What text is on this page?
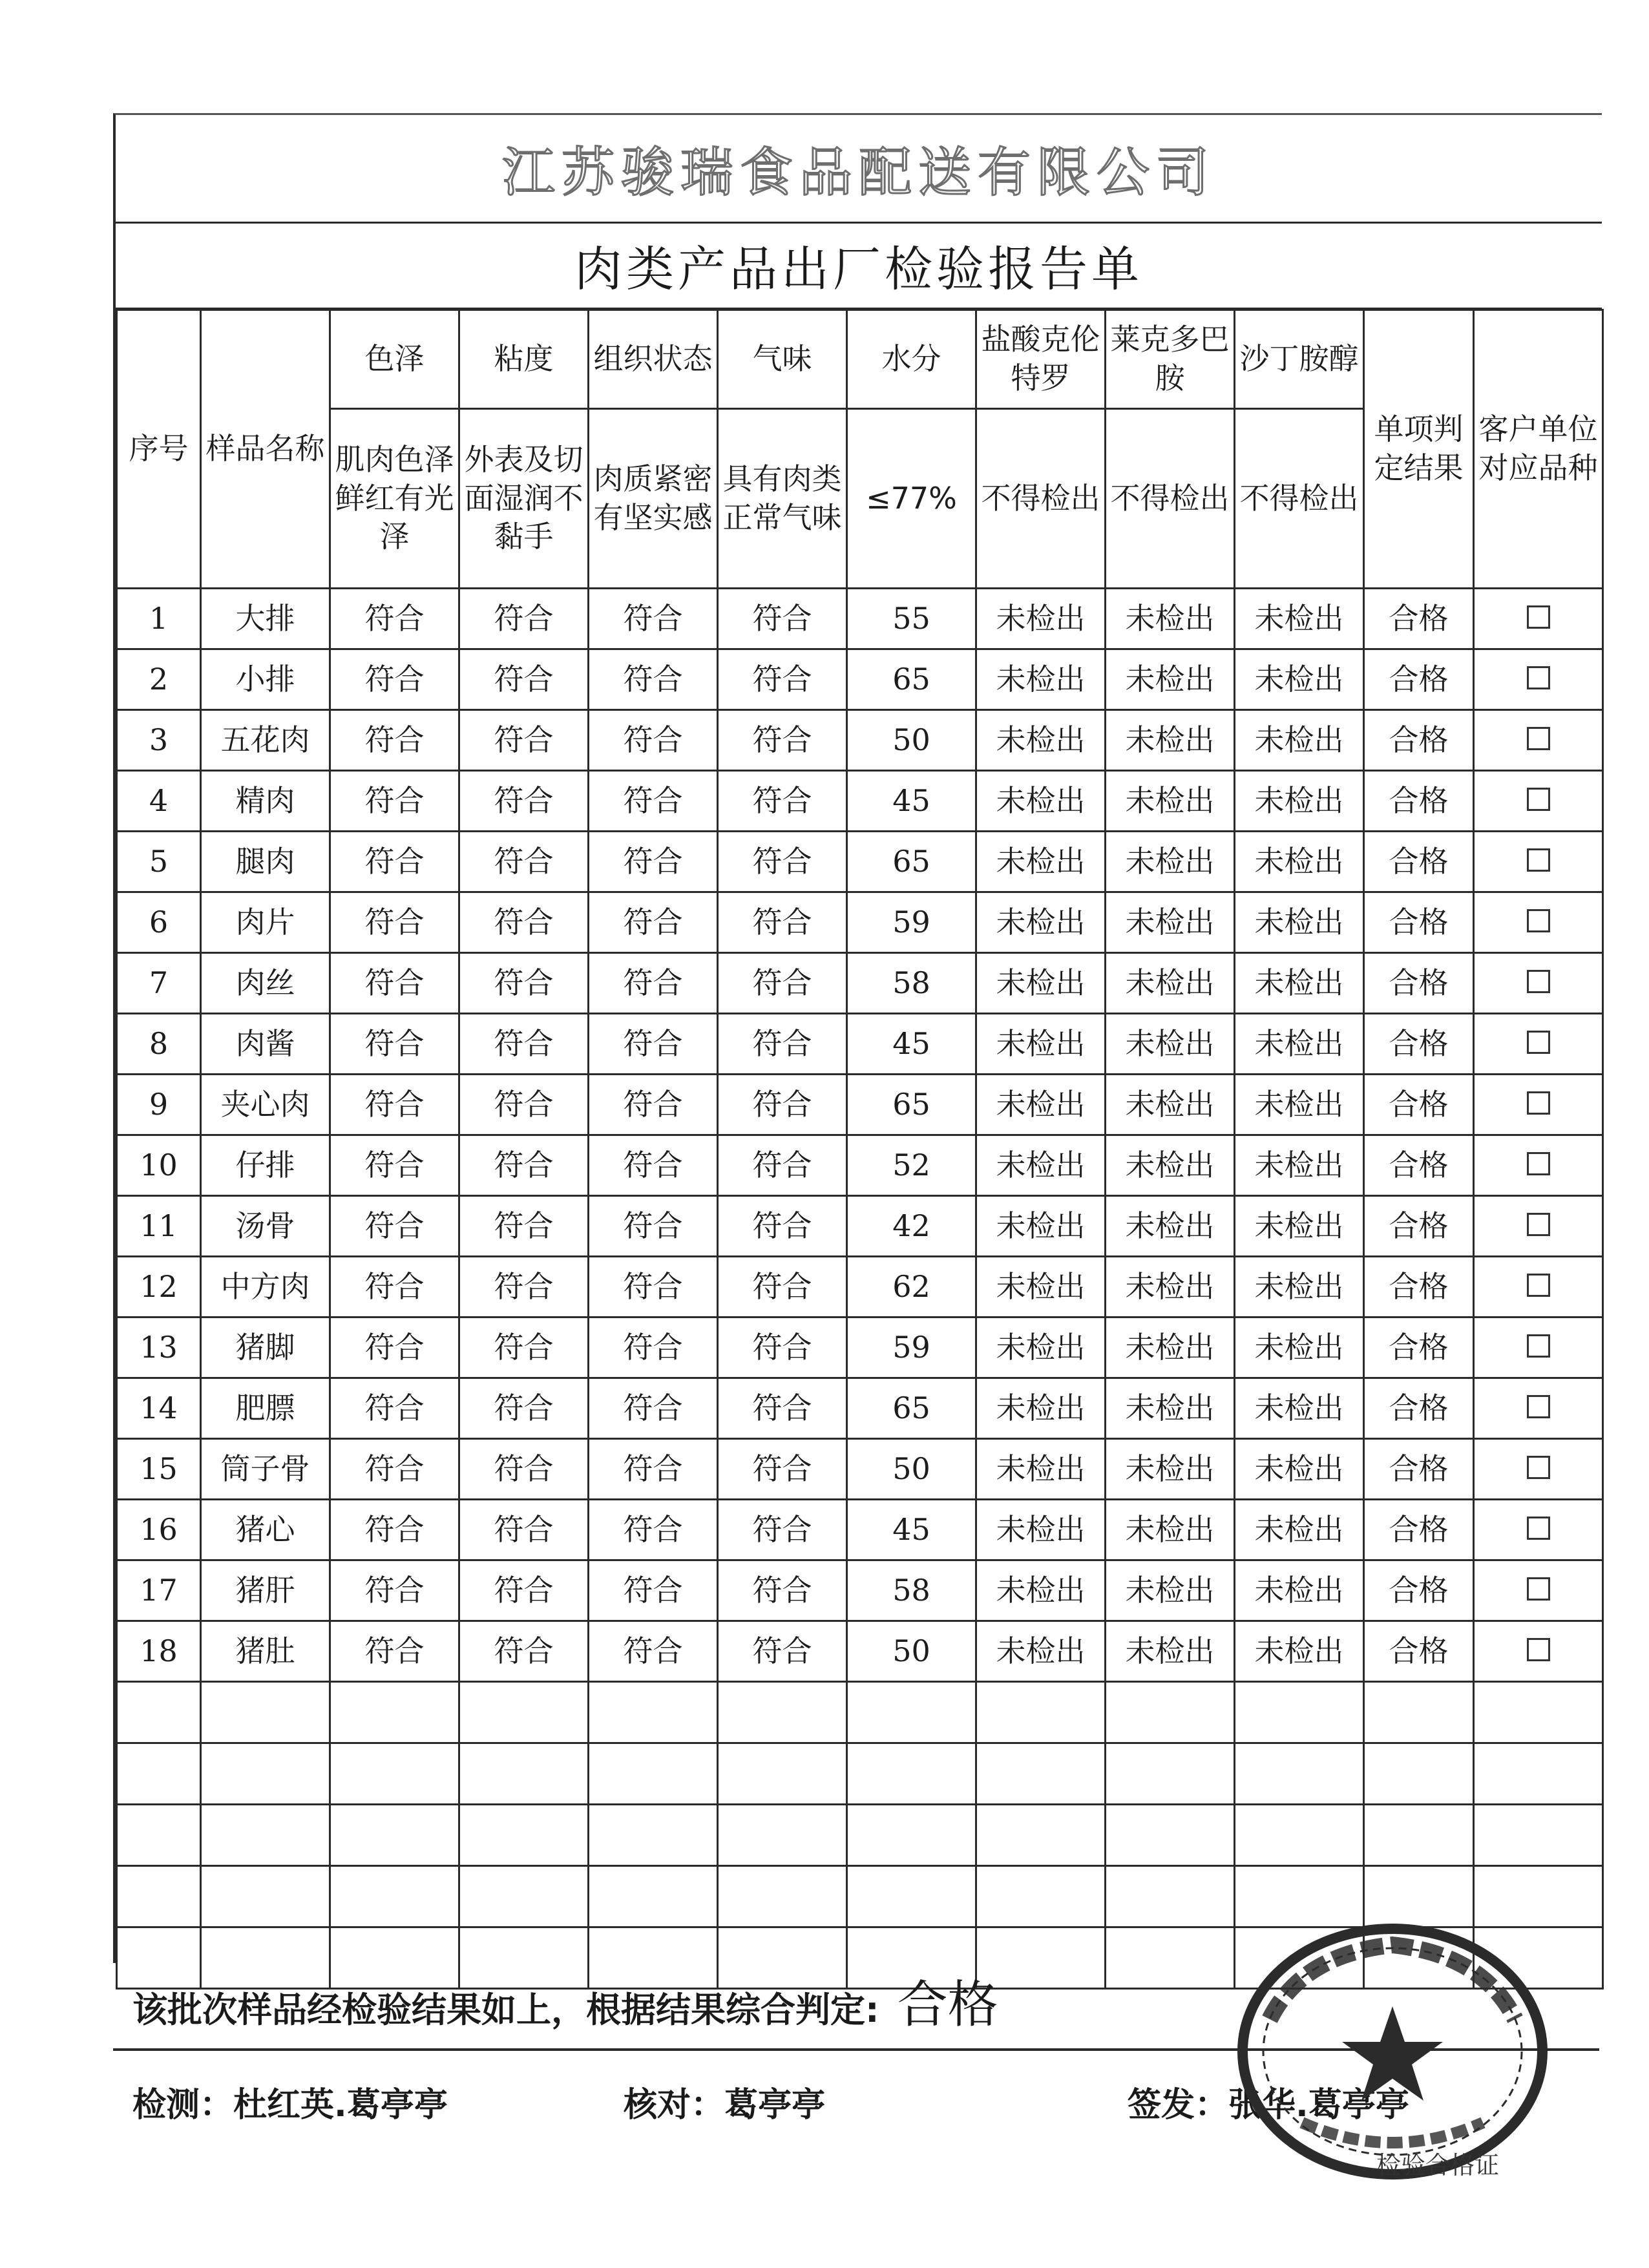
江苏骏瑞食品配送有限公司
肉类产品出厂检验报告单
序号	样品名称	色泽	粘度	组织状态	气味	水分	盐酸克伦特罗	莱克多巴胺	沙丁胺醇	单项判定结果	客户单位对应品种
		肌肉色泽鲜红有光泽	外表及切面湿润不黏手	肉质紧密有坚实感	具有肉类正常气味	≤77%	不得检出	不得检出	不得检出		
1	大排	符合	符合	符合	符合	55	未检出	未检出	未检出	合格	
2	小排	符合	符合	符合	符合	65	未检出	未检出	未检出	合格	
3	五花肉	符合	符合	符合	符合	50	未检出	未检出	未检出	合格	
4	精肉	符合	符合	符合	符合	45	未检出	未检出	未检出	合格	
5	腿肉	符合	符合	符合	符合	65	未检出	未检出	未检出	合格	
6	肉片	符合	符合	符合	符合	59	未检出	未检出	未检出	合格	
7	肉丝	符合	符合	符合	符合	58	未检出	未检出	未检出	合格	
8	肉酱	符合	符合	符合	符合	45	未检出	未检出	未检出	合格	
9	夹心肉	符合	符合	符合	符合	65	未检出	未检出	未检出	合格	
10	仔排	符合	符合	符合	符合	52	未检出	未检出	未检出	合格	
11	汤骨	符合	符合	符合	符合	42	未检出	未检出	未检出	合格	
12	中方肉	符合	符合	符合	符合	62	未检出	未检出	未检出	合格	
13	猪脚	符合	符合	符合	符合	59	未检出	未检出	未检出	合格	
14	肥膘	符合	符合	符合	符合	65	未检出	未检出	未检出	合格	
15	筒子骨	符合	符合	符合	符合	50	未检出	未检出	未检出	合格	
16	猪心	符合	符合	符合	符合	45	未检出	未检出	未检出	合格	
17	猪肝	符合	符合	符合	符合	58	未检出	未检出	未检出	合格	
18	猪肚	符合	符合	符合	符合	50	未检出	未检出	未检出	合格	

该批次样品经检验结果如上，根据结果综合判定: 合格
检测：杜红英.葛亭亭	核对：葛亭亭	签发：张华.葛亭亭
检验合格证
